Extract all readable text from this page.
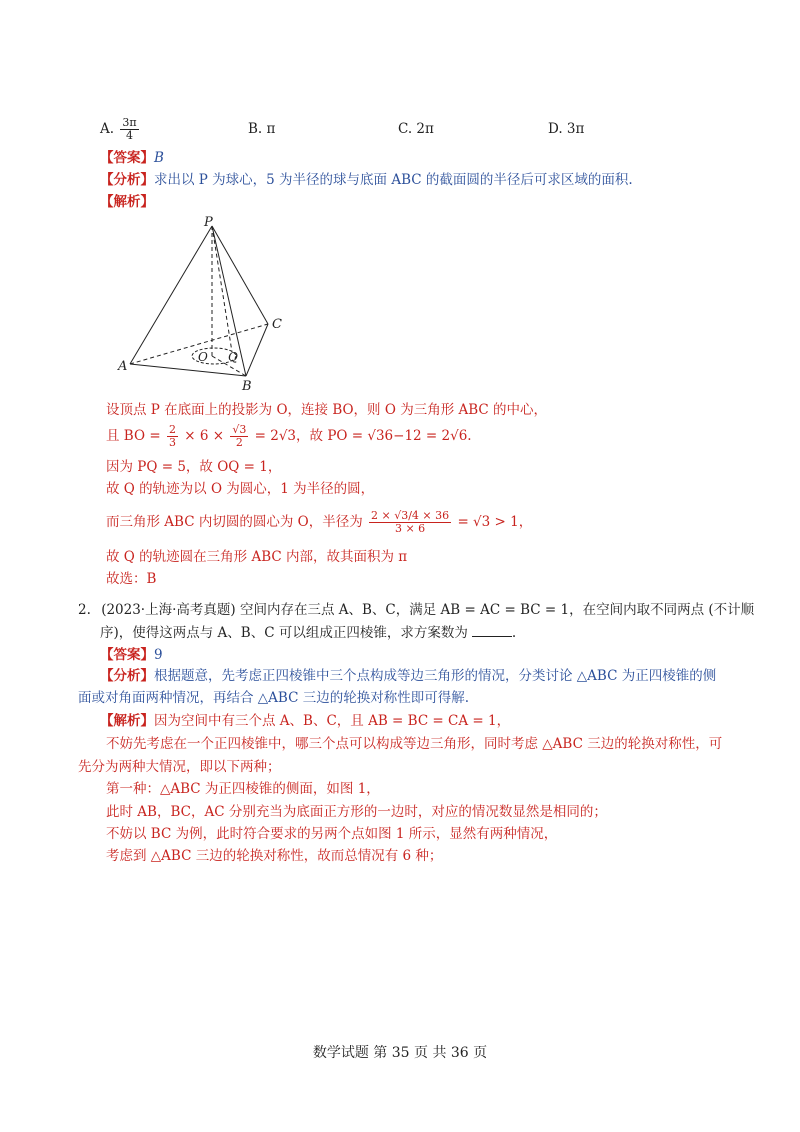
A. $\frac{3\pi}{4}$	B. π	C. 2π	D. 3π
【答案】B
【分析】求出以 P 为球心，5 为半径的球与底面 ABC 的截面圆的半径后可求区域的面积.
【解析】
P
C
A
B
O Q
设顶点 P 在底面上的投影为 O，连接 BO，则 O 为三角形 ABC 的中心，
且 BO = $\frac{2}{3} \times 6 \times \frac{√3}{2} = 2√3$，故 PO = √36−12 = 2√6.
因为 PQ = 5，故 OQ = 1，
故 Q 的轨迹为以 O 为圆心，1 为半径的圆，
而三角形 ABC 内切圆的圆心为 O，半径为 $\frac{2 \times √3/4 \times 36}{3 \times 6} = √3 > 1$，
故 Q 的轨迹圆在三角形 ABC 内部，故其面积为 π
故选：B
2. (2023·上海·高考真题) 空间内存在三点 A、B、C，满足 AB = AC = BC = 1，在空间内取不同两点 (不计顺
序)，使得这两点与 A、B、C 可以组成正四棱锥，求方案数为	.
【答案】9
【分析】根据题意，先考虑正四棱锥中三个点构成等边三角形的情况，分类讨论 △ABC 为正四棱锥的侧
面或对角面两种情况，再结合 △ABC 三边的轮换对称性即可得解.
【解析】因为空间中有三个点 A、B、C，且 AB = BC = CA = 1，
不妨先考虑在一个正四棱锥中，哪三个点可以构成等边三角形，同时考虑 △ABC 三边的轮换对称性，可
先分为两种大情况，即以下两种；
第一种：△ABC 为正四棱锥的侧面，如图 1，
此时 AB，BC，AC 分别充当为底面正方形的一边时，对应的情况数显然是相同的；
不妨以 BC 为例，此时符合要求的另两个点如图 1 所示，显然有两种情况，
考虑到 △ABC 三边的轮换对称性，故而总情况有 6 种；
数学试题 第 35 页 共 36 页
